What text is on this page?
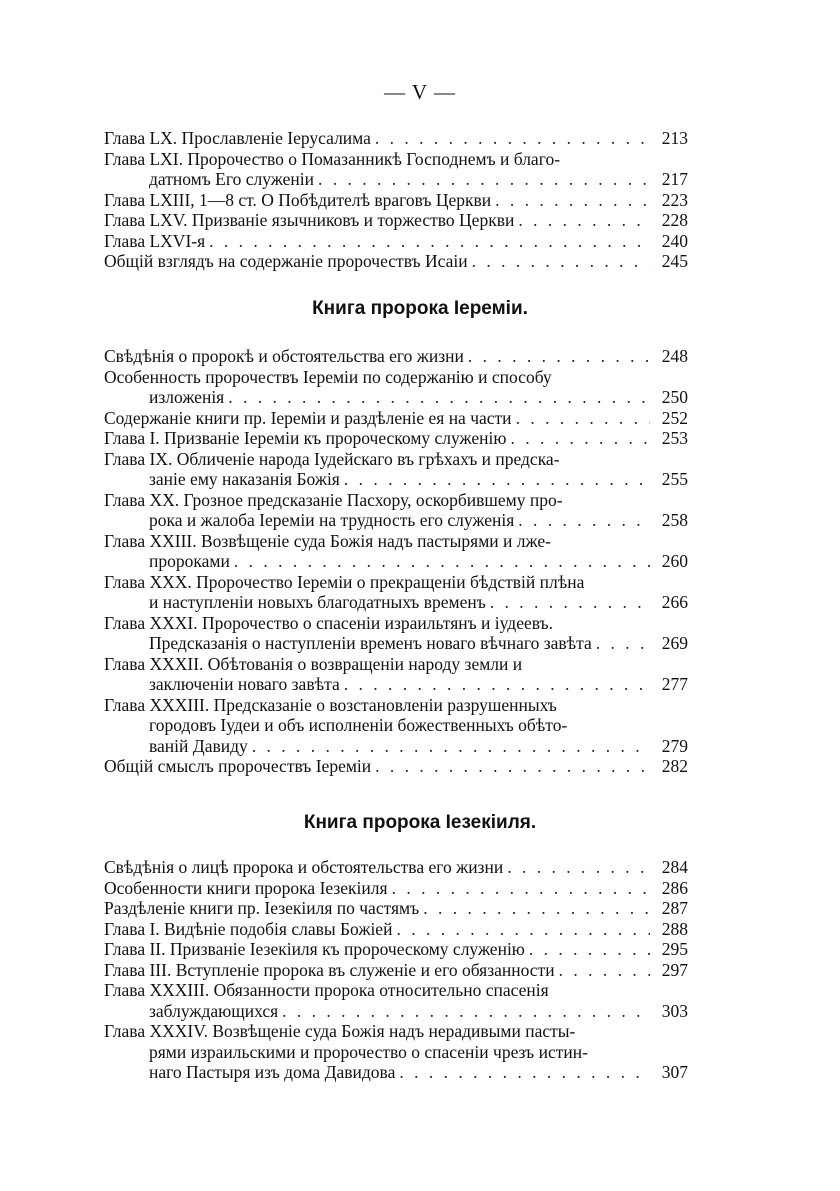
— V —
Глава LX. Прославленіе Іерусалима . . .	213
Глава LXI. Пророчество о Помазанникѣ Господнемъ и благо-
датномъ Его служеніи . . .	217
Глава LXIII, 1—8 ст. О Побѣдителѣ враговъ Церкви . . .	223
Глава LXV. Призваніе язычниковъ и торжество Церкви . . .	228
Глава LXVI-я . . .	240
Общій взглядъ на содержаніе пророчествъ Исаіи . . .	245
Свѣдѣнія о пророкѣ и обстоятельства его жизни . . .	248
Особенность пророчествъ Іереміи по содержанію и способу
изложенія . . .	250
Содержаніе книги пр. Іереміи и раздѣленіе ея на части . . .	252
Глава I. Призваніе Іереміи къ пророческому служенію . . .	253
Глава IX. Обличеніе народа Іудейскаго въ грѣхахъ и предска-
заніе ему наказанія Божія . . .	255
Глава XX. Грозное предсказаніе Пасхору, оскорбившему про-
рока и жалоба Іереміи на трудность его служенія . . .	258
Глава XXIII. Возвѣщеніе суда Божія надъ пастырями и лже-
пророками . . .	260
Глава XXX. Пророчество Іереміи о прекращеніи бѣдствій плѣна
и наступленіи новыхъ благодатныхъ временъ . . .	266
Глава XXXI. Пророчество о спасеніи израильтянъ и іудеевъ.
Предсказанія о наступленіи временъ новаго вѣчнаго завѣта . . .	269
Глава XXXII. Обѣтованія о возвращеніи народу земли и
заключеніи новаго завѣта . . .	277
Глава XXXIII. Предсказаніе о возстановленіи разрушенныхъ
городовъ Іудеи и объ исполненіи божественныхъ обѣто-
ваній Давиду . . .	279
Общій смыслъ пророчествъ Іереміи . . .	282
Свѣдѣнія о лицѣ пророка и обстоятельства его жизни . . .	284
Особенности книги пророка Іезекіиля . . .	286
Раздѣленіе книги пр. Іезекіиля по частямъ . . .	287
Глава I. Видѣніе подобія славы Божіей . . .	288
Глава II. Призваніе Іезекіиля къ пророческому служенію . . .	295
Глава III. Вступленіе пророка въ служеніе и его обязанности . . .	297
Глава XXXIII. Обязанности пророка относительно спасенія
заблуждающихся . . .	303
Глава XXXIV. Возвѣщеніе суда Божія надъ нерадивыми пасты-
рями израильскими и пророчество о спасеніи чрезъ истин-
наго Пастыря изъ дома Давидова . . .	307
Книга пророка Іереміи.
Книга пророка Іезекіиля.
